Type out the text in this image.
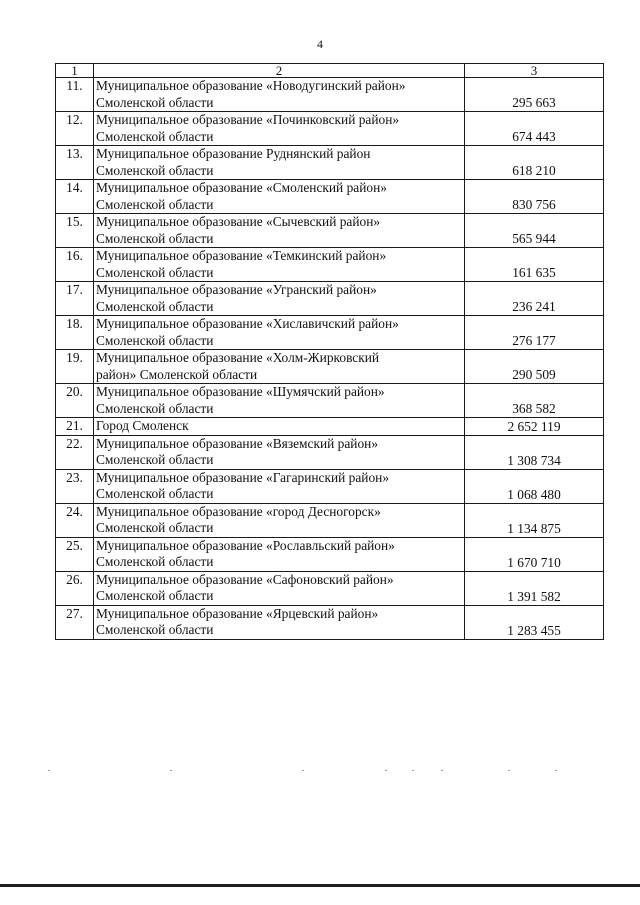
4
1	2	3
11.	Муниципальное образование «Новодугинский район»
Смоленской области	295 663
12.	Муниципальное образование «Починковский район»
Смоленской области	674 443
13.	Муниципальное образование Руднянский район
Смоленской области	618 210
14.	Муниципальное образование «Смоленский район»
Смоленской области	830 756
15.	Муниципальное образование «Сычевский район»
Смоленской области	565 944
16.	Муниципальное образование «Темкинский район»
Смоленской области	161 635
17.	Муниципальное образование «Угранский район»
Смоленской области	236 241
18.	Муниципальное образование «Хиславичский район»
Смоленской области	276 177
19.	Муниципальное образование «Холм-Жирковский
район» Смоленской области	290 509
20.	Муниципальное образование «Шумячский район»
Смоленской области	368 582
21.	Город Смоленск	2 652 119
22.	Муниципальное образование «Вяземский район»
Смоленской области	1 308 734
23.	Муниципальное образование «Гагаринский район»
Смоленской области	1 068 480
24.	Муниципальное образование «город Десногорск»
Смоленской области	1 134 875
25.	Муниципальное образование «Рославльский район»
Смоленской области	1 670 710
26.	Муниципальное образование «Сафоновский район»
Смоленской области	1 391 582
27.	Муниципальное образование «Ярцевский район»
Смоленской области	1 283 455
